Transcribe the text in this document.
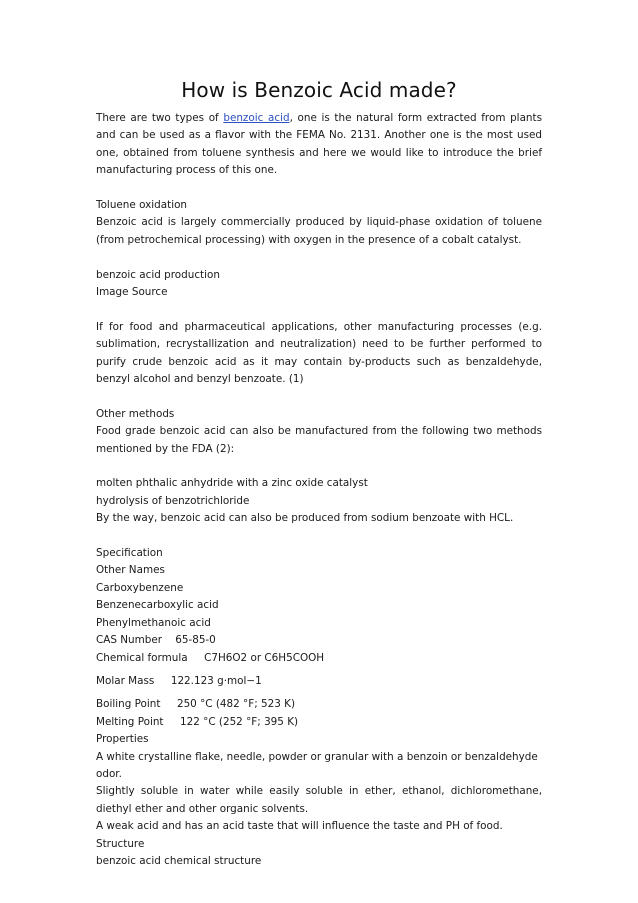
How is Benzoic Acid made?

There are two types of benzoic acid, one is the natural form extracted from plants and can be used as a flavor with the FEMA No. 2131. Another one is the most used one, obtained from toluene synthesis and here we would like to introduce the brief manufacturing process of this one.

Toluene oxidation

Benzoic acid is largely commercially produced by liquid-phase oxidation of toluene (from petrochemical processing) with oxygen in the presence of a cobalt catalyst.

benzoic acid production

Image Source

If for food and pharmaceutical applications, other manufacturing processes (e.g. sublimation, recrystallization and neutralization) need to be further performed to purify crude benzoic acid as it may contain by-products such as benzaldehyde, benzyl alcohol and benzyl benzoate. (1)

Other methods

Food grade benzoic acid can also be manufactured from the following two methods mentioned by the FDA (2):

molten phthalic anhydride with a zinc oxide catalyst

hydrolysis of benzotrichloride

By the way, benzoic acid can also be produced from sodium benzoate with HCL.

Specification

Other Names

Carboxybenzene

Benzenecarboxylic acid

Phenylmethanoic acid

CAS Number 65-85-0

Chemical formula C7H6O2 or C6H5COOH

Molar Mass 122.123 g·mol−1

Boiling Point 250 °C (482 °F; 523 K)

Melting Point 122 °C (252 °F; 395 K)

Properties

A white crystalline flake, needle, powder or granular with a benzoin or benzaldehyde odor.

Slightly soluble in water while easily soluble in ether, ethanol, dichloromethane, diethyl ether and other organic solvents.

A weak acid and has an acid taste that will influence the taste and PH of food.

Structure

benzoic acid chemical structure
